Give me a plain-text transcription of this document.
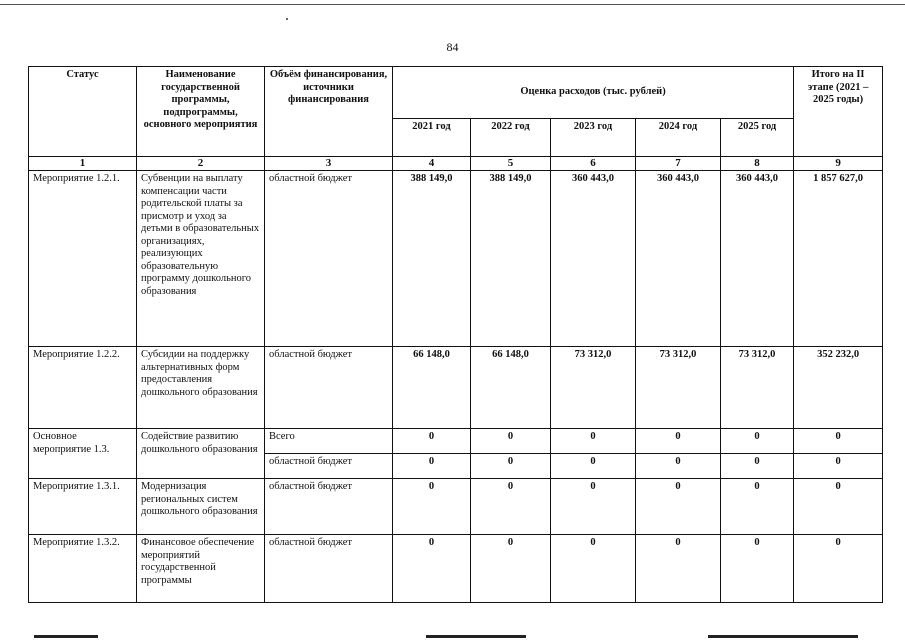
84
Статус	Наименование государственной программы, подпрограммы, основного мероприятия	Объём финансирования, источники финансирования	Оценка расходов (тыс. рублей)					Итого на II этапе (2021 – 2025 годы)
			2021 год	2022 год	2023 год	2024 год	2025 год	
1	2	3	4	5	6	7	8	9
Мероприятие 1.2.1.	Субвенции на выплату компенсации части родительской платы за присмотр и уход за детьми в образовательных организациях, реализующих образовательную программу дошкольного образования	областной бюджет	388 149,0	388 149,0	360 443,0	360 443,0	360 443,0	1 857 627,0
Мероприятие 1.2.2.	Субсидии на поддержку альтернативных форм предоставления дошкольного образования	областной бюджет	66 148,0	66 148,0	73 312,0	73 312,0	73 312,0	352 232,0
Основное мероприятие 1.3.	Содействие развитию дошкольного образования	Всего	0	0	0	0	0	0
		областной бюджет	0	0	0	0	0	0
Мероприятие 1.3.1.	Модернизация региональных систем дошкольного образования	областной бюджет	0	0	0	0	0	0
Мероприятие 1.3.2.	Финансовое обеспечение мероприятий государственной программы	областной бюджет	0	0	0	0	0	0
